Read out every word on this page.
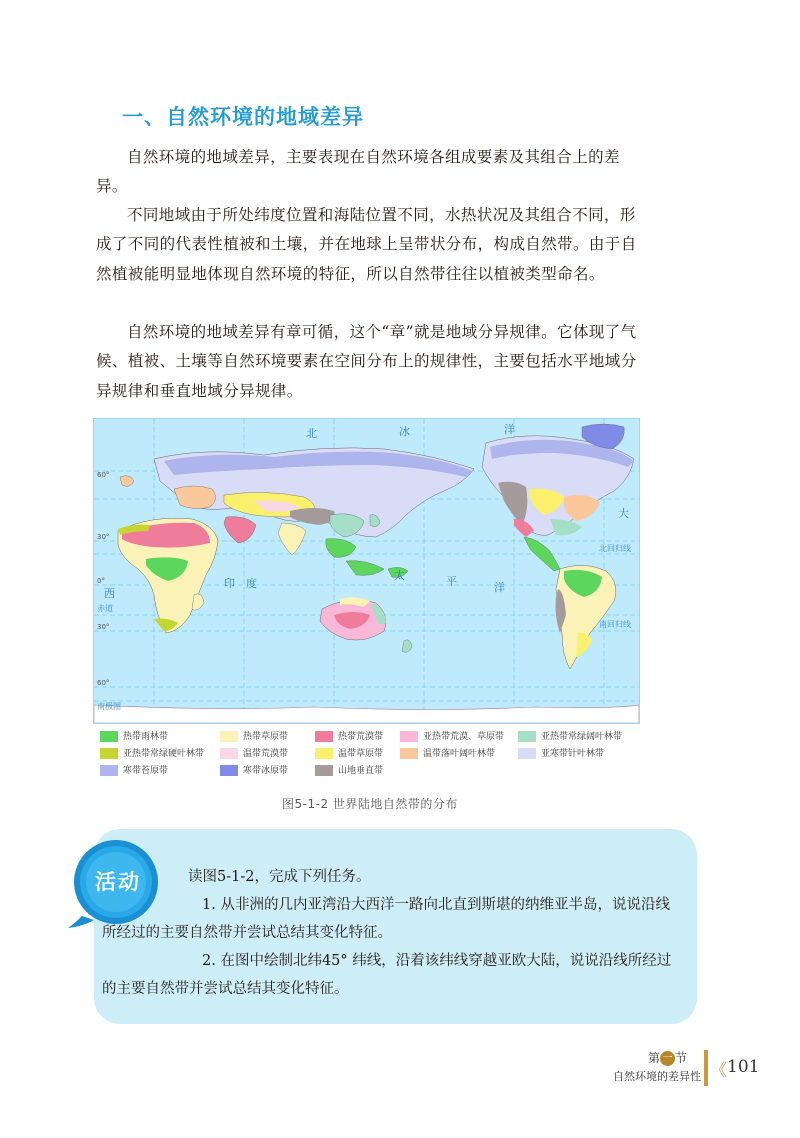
一、自然环境的地域差异

自然环境的地域差异，主要表现在自然环境各组成要素及其组合上的差异。

不同地域由于所处纬度位置和海陆位置不同，水热状况及其组合不同，形成了不同的代表性植被和土壤，并在地球上呈带状分布，构成自然带。由于自然植被能明显地体现自然环境的特征，所以自然带往往以植被类型命名。

自然环境的地域差异有章可循，这个“章”就是地域分异规律。它体现了气候、植被、土壤等自然环境要素在空间分布上的规律性，主要包括水平地域分异规律和垂直地域分异规律。

60°
30°
0°
30°
60°
北回归线
赤道
南回归线
南极圈
北	冰	洋
太	平	洋
印 度
大
西
热带雨林带	热带草原带	热带荒漠带	亚热带荒漠、草原带	亚热带常绿阔叶林带
亚热带常绿硬叶林带	温带荒漠带	温带草原带	温带落叶阔叶林带	亚寒带针叶林带
寒带苔原带	寒带冰原带	山地垂直带
图5-1-2 世界陆地自然带的分布
活动	读图5-1-2，完成下列任务。

1. 从非洲的几内亚湾沿大西洋一路向北直到斯堪的纳维亚半岛，说说沿线所经过的主要自然带并尝试总结其变化特征。

2. 在图中绘制北纬45° 纬线，沿着该纬线穿越亚欧大陆，说说沿线所经过的主要自然带并尝试总结其变化特征。

第 一 节
自然环境的差异性 《 101
